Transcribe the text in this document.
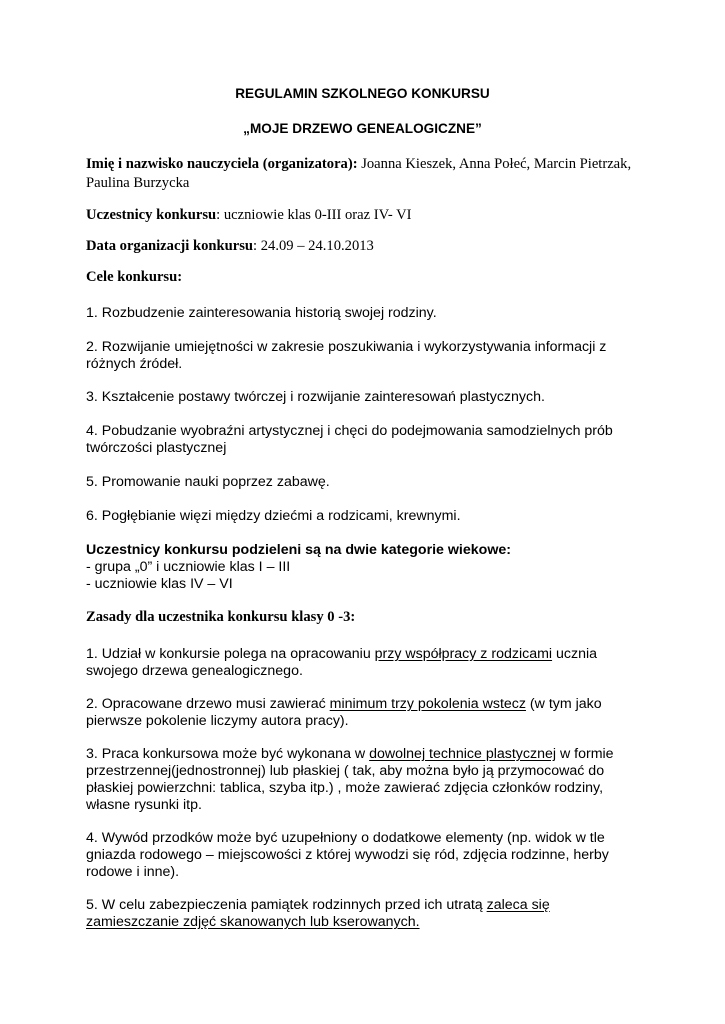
REGULAMIN SZKOLNEGO KONKURSU

„MOJE DRZEWO GENEALOGICZNE”

Imię i nazwisko nauczyciela (organizatora): Joanna Kieszek, Anna Połeć, Marcin Pietrzak,

Paulina Burzycka

Uczestnicy konkursu: uczniowie klas 0-III oraz IV- VI

Data organizacji konkursu: 24.09 – 24.10.2013

Cele konkursu:

1. Rozbudzenie zainteresowania historią swojej rodziny.

2. Rozwijanie umiejętności w zakresie poszukiwania i wykorzystywania informacji z

różnych źródeł.

3. Kształcenie postawy twórczej i rozwijanie zainteresowań plastycznych.

4. Pobudzanie wyobraźni artystycznej i chęci do podejmowania samodzielnych prób

twórczości plastycznej

5. Promowanie nauki poprzez zabawę.

6. Pogłębianie więzi między dziećmi a rodzicami, krewnymi.

Uczestnicy konkursu podzieleni są na dwie kategorie wiekowe:

- grupa „0” i uczniowie klas I – III

- uczniowie klas IV – VI

Zasady dla uczestnika konkursu klasy 0 -3:

1. Udział w konkursie polega na opracowaniu przy współpracy z rodzicami ucznia

swojego drzewa genealogicznego.

2. Opracowane drzewo musi zawierać minimum trzy pokolenia wstecz (w tym jako

pierwsze pokolenie liczymy autora pracy).

3. Praca konkursowa może być wykonana w dowolnej technice plastycznej w formie

przestrzennej(jednostronnej) lub płaskiej ( tak, aby można było ją przymocować do

płaskiej powierzchni: tablica, szyba itp.) , może zawierać zdjęcia członków rodziny,

własne rysunki itp.

4. Wywód przodków może być uzupełniony o dodatkowe elementy (np. widok w tle

gniazda rodowego – miejscowości z której wywodzi się ród, zdjęcia rodzinne, herby

rodowe i inne).

5. W celu zabezpieczenia pamiątek rodzinnych przed ich utratą zaleca się

zamieszczanie zdjęć skanowanych lub kserowanych.
